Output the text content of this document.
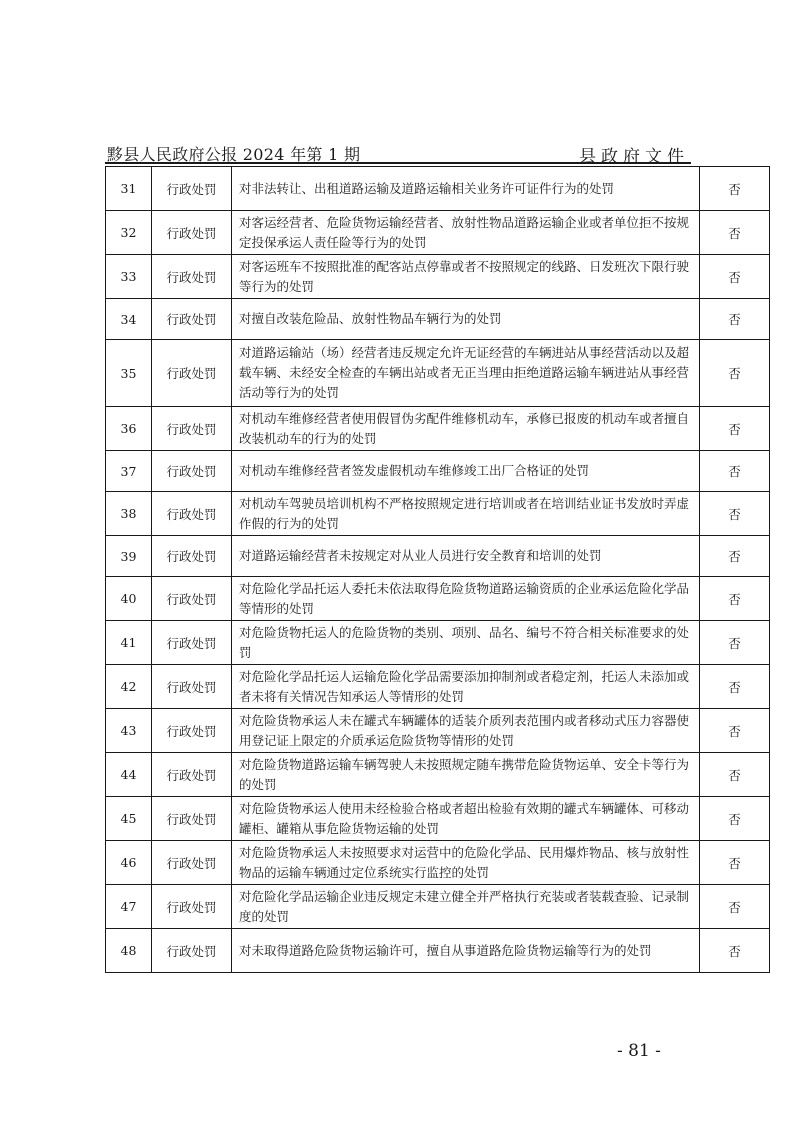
黟县人民政府公报 2024 年第 1 期	县政府文件
31	行政处罚	对非法转让、出租道路运输及道路运输相关业务许可证件行为的处罚	否
32	行政处罚	对客运经营者、危险货物运输经营者、放射性物品道路运输企业或者单位拒不按规定投保承运人责任险等行为的处罚	否
33	行政处罚	对客运班车不按照批准的配客站点停靠或者不按照规定的线路、日发班次下限行驶等行为的处罚	否
34	行政处罚	对擅自改装危险品、放射性物品车辆行为的处罚	否
35	行政处罚	对道路运输站（场）经营者违反规定允许无证经营的车辆进站从事经营活动以及超载车辆、未经安全检查的车辆出站或者无正当理由拒绝道路运输车辆进站从事经营活动等行为的处罚	否
36	行政处罚	对机动车维修经营者使用假冒伪劣配件维修机动车，承修已报废的机动车或者擅自改装机动车的行为的处罚	否
37	行政处罚	对机动车维修经营者签发虚假机动车维修竣工出厂合格证的处罚	否
38	行政处罚	对机动车驾驶员培训机构不严格按照规定进行培训或者在培训结业证书发放时弄虚作假的行为的处罚	否
39	行政处罚	对道路运输经营者未按规定对从业人员进行安全教育和培训的处罚	否
40	行政处罚	对危险化学品托运人委托未依法取得危险货物道路运输资质的企业承运危险化学品等情形的处罚	否
41	行政处罚	对危险货物托运人的危险货物的类别、项别、品名、编号不符合相关标准要求的处罚	否
42	行政处罚	对危险化学品托运人运输危险化学品需要添加抑制剂或者稳定剂，托运人未添加或者未将有关情况告知承运人等情形的处罚	否
43	行政处罚	对危险货物承运人未在罐式车辆罐体的适装介质列表范围内或者移动式压力容器使用登记证上限定的介质承运危险货物等情形的处罚	否
44	行政处罚	对危险货物道路运输车辆驾驶人未按照规定随车携带危险货物运单、安全卡等行为的处罚	否
45	行政处罚	对危险货物承运人使用未经检验合格或者超出检验有效期的罐式车辆罐体、可移动罐柜、罐箱从事危险货物运输的处罚	否
46	行政处罚	对危险货物承运人未按照要求对运营中的危险化学品、民用爆炸物品、核与放射性物品的运输车辆通过定位系统实行监控的处罚	否
47	行政处罚	对危险化学品运输企业违反规定未建立健全并严格执行充装或者装载查验、记录制度的处罚	否
48	行政处罚	对未取得道路危险货物运输许可，擅自从事道路危险货物运输等行为的处罚	否
- 81 -
